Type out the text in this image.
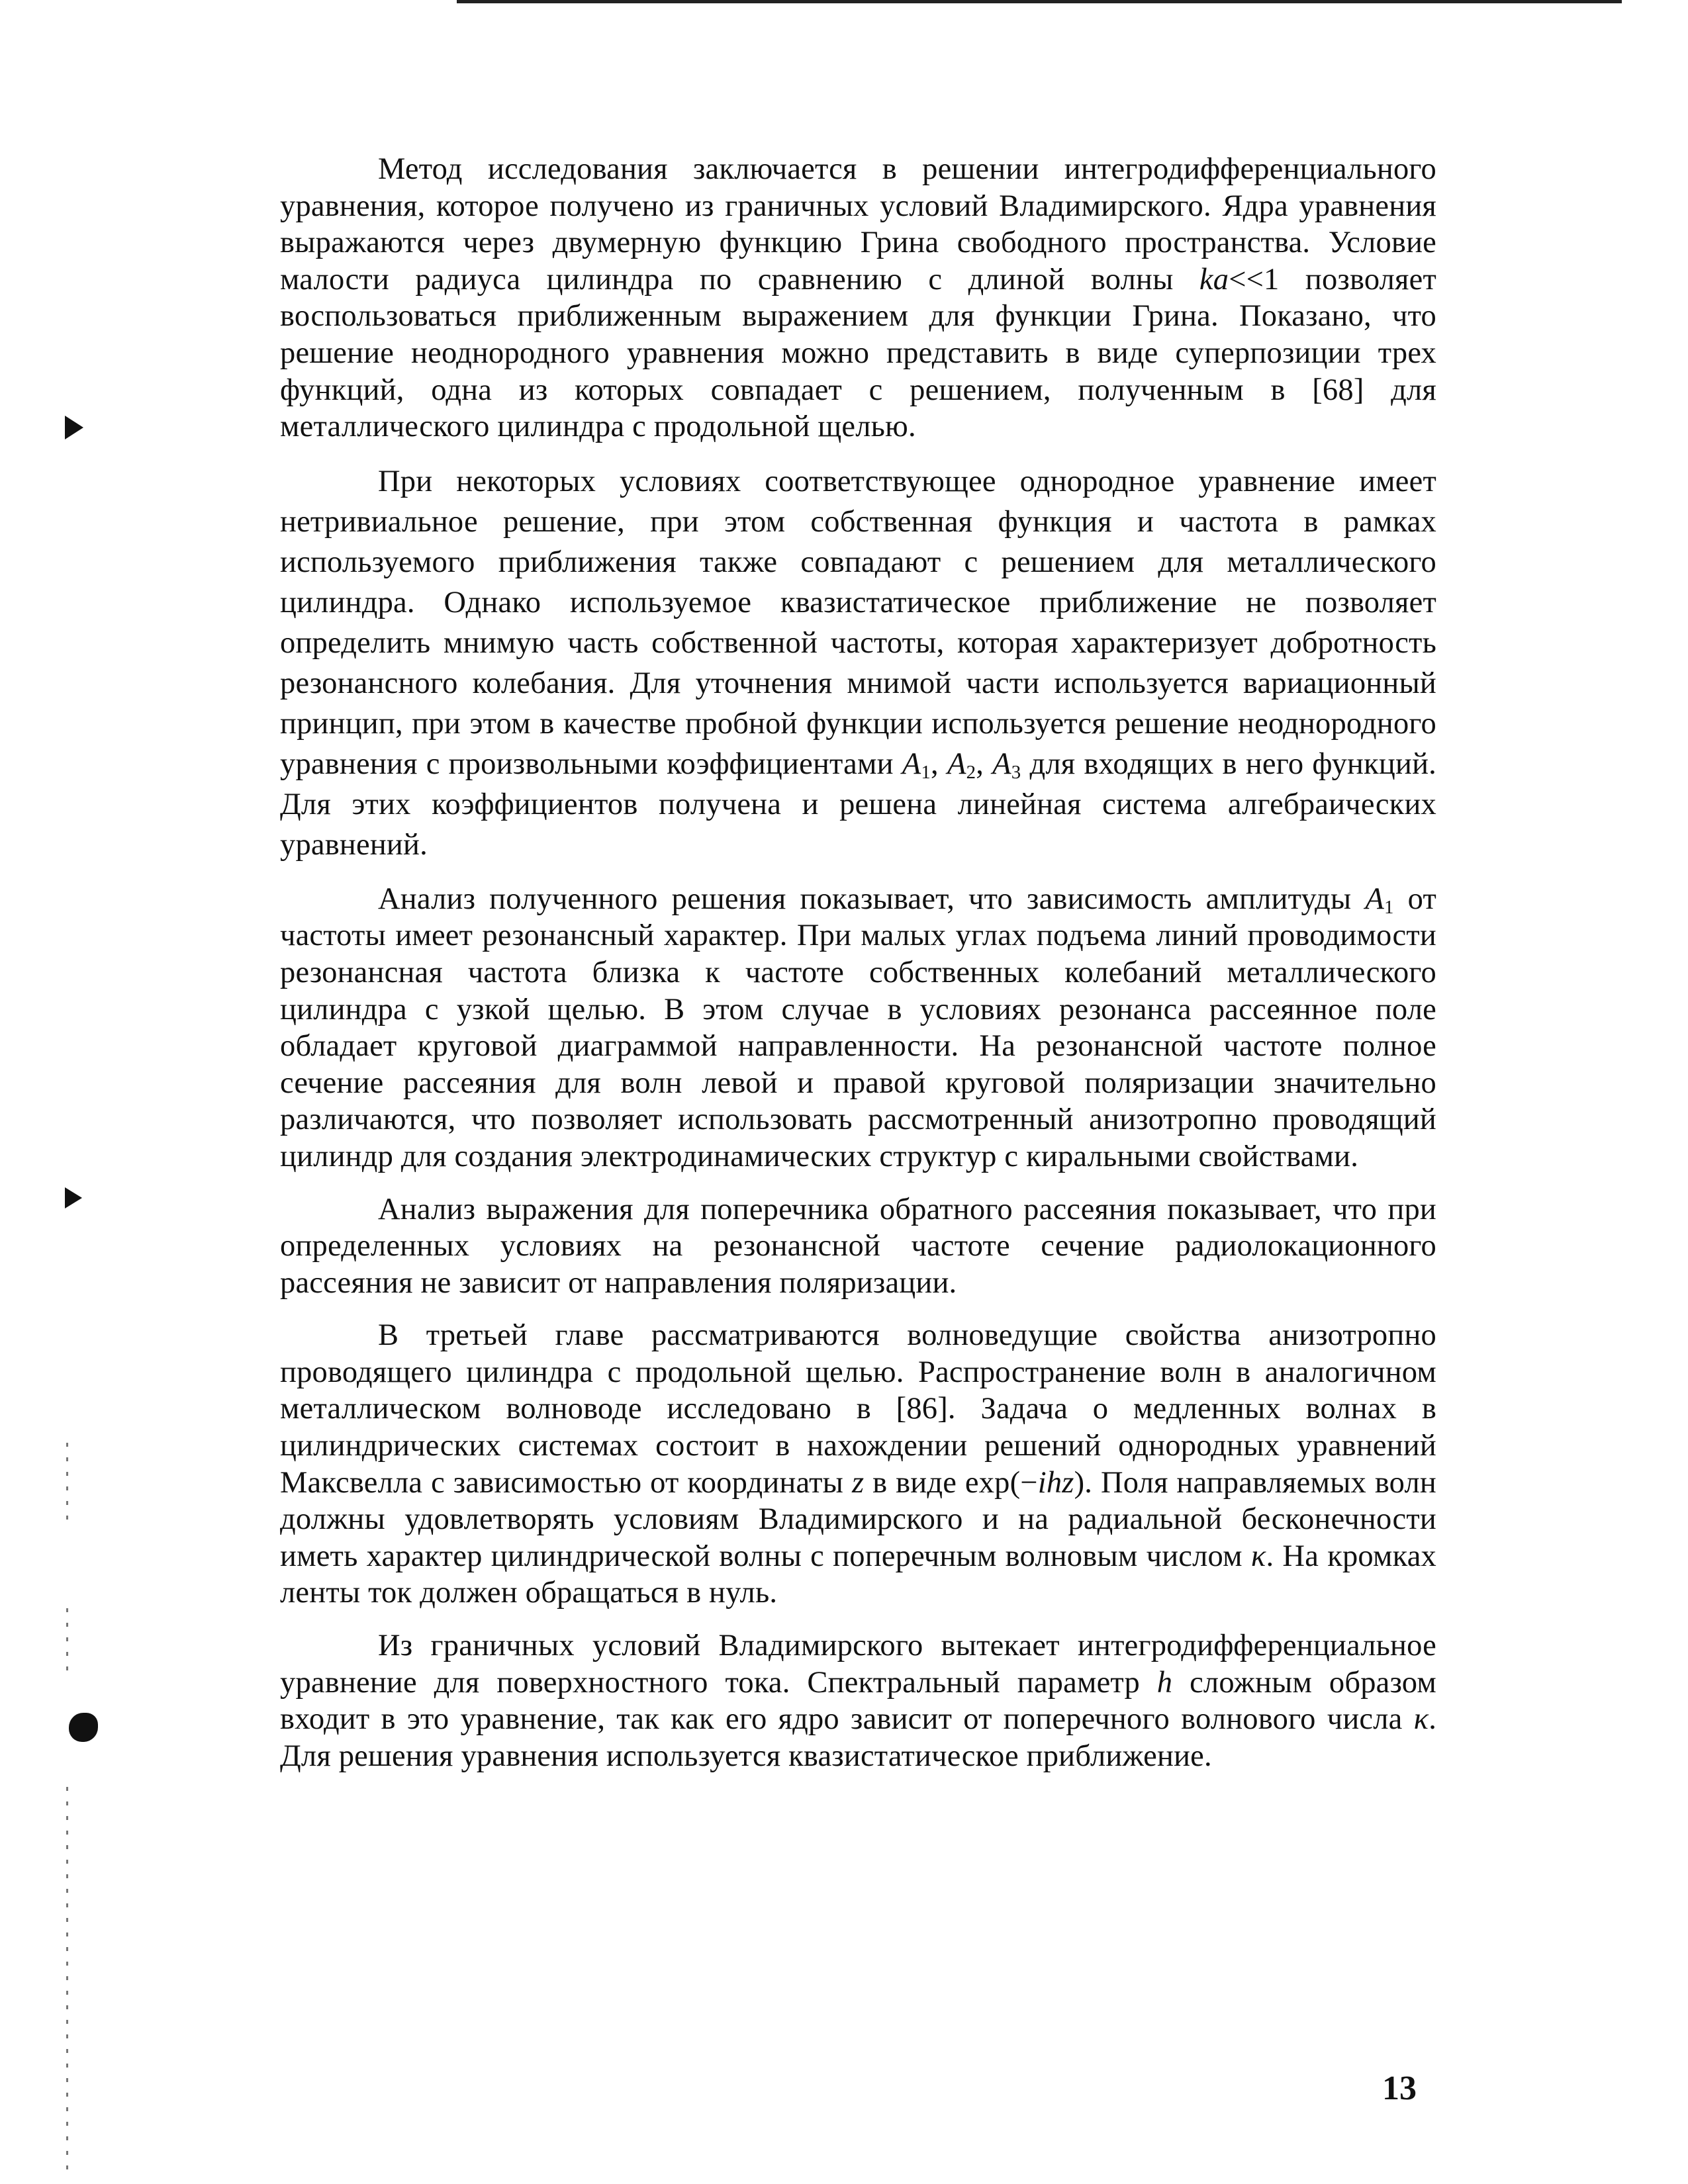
Метод исследования заключается в решении интегродифференциального уравнения, которое получено из граничных условий Владимирского. Ядра уравнения выражаются через двумерную функцию Грина свободного пространства. Условие малости радиуса цилиндра по сравнению с длиной волны ka<<1 позволяет воспользоваться приближенным выражением для функции Грина. Показано, что решение неоднородного уравнения можно представить в виде суперпозиции трех функций, одна из которых совпадает с решением, полученным в [68] для металлического цилиндра с продольной щелью.

При некоторых условиях соответствующее однородное уравнение имеет нетривиальное решение, при этом собственная функция и частота в рамках используемого приближения также совпадают с решением для металлического цилиндра. Однако используемое квазистатическое приближение не позволяет определить мнимую часть собственной частоты, которая характеризует добротность резонансного колебания. Для уточнения мнимой части используется вариационный принцип, при этом в качестве пробной функции используется решение неоднородного уравнения с произвольными коэффициентами $A_1$, $A_2$, $A_3$ для входящих в него функций. Для этих коэффициентов получена и решена линейная система алгебраических уравнений.

Анализ полученного решения показывает, что зависимость амплитуды $A_1$ от частоты имеет резонансный характер. При малых углах подъема линий проводимости резонансная частота близка к частоте собственных колебаний металлического цилиндра с узкой щелью. В этом случае в условиях резонанса рассеянное поле обладает круговой диаграммой направленности. На резонансной частоте полное сечение рассеяния для волн левой и правой круговой поляризации значительно различаются, что позволяет использовать рассмотренный анизотропно проводящий цилиндр для создания электродинамических структур с киральными свойствами.

Анализ выражения для поперечника обратного рассеяния показывает, что при определенных условиях на резонансной частоте сечение радиолокационного рассеяния не зависит от направления поляризации.

В третьей главе рассматриваются волноведущие свойства анизотропно проводящего цилиндра с продольной щелью. Распространение волн в аналогичном металлическом волноводе исследовано в [86]. Задача о медленных волнах в цилиндрических системах состоит в нахождении решений однородных уравнений Максвелла с зависимостью от координаты z в виде exp(−ihz). Поля направляемых волн должны удовлетворять условиям Владимирского и на радиальной бесконечности иметь характер цилиндрической волны с поперечным волновым числом κ. На кромках ленты ток должен обращаться в нуль.

Из граничных условий Владимирского вытекает интегродифференциальное уравнение для поверхностного тока. Спектральный параметр h сложным образом входит в это уравнение, так как его ядро зависит от поперечного волнового числа κ. Для решения уравнения используется квазистатическое приближение.

13
